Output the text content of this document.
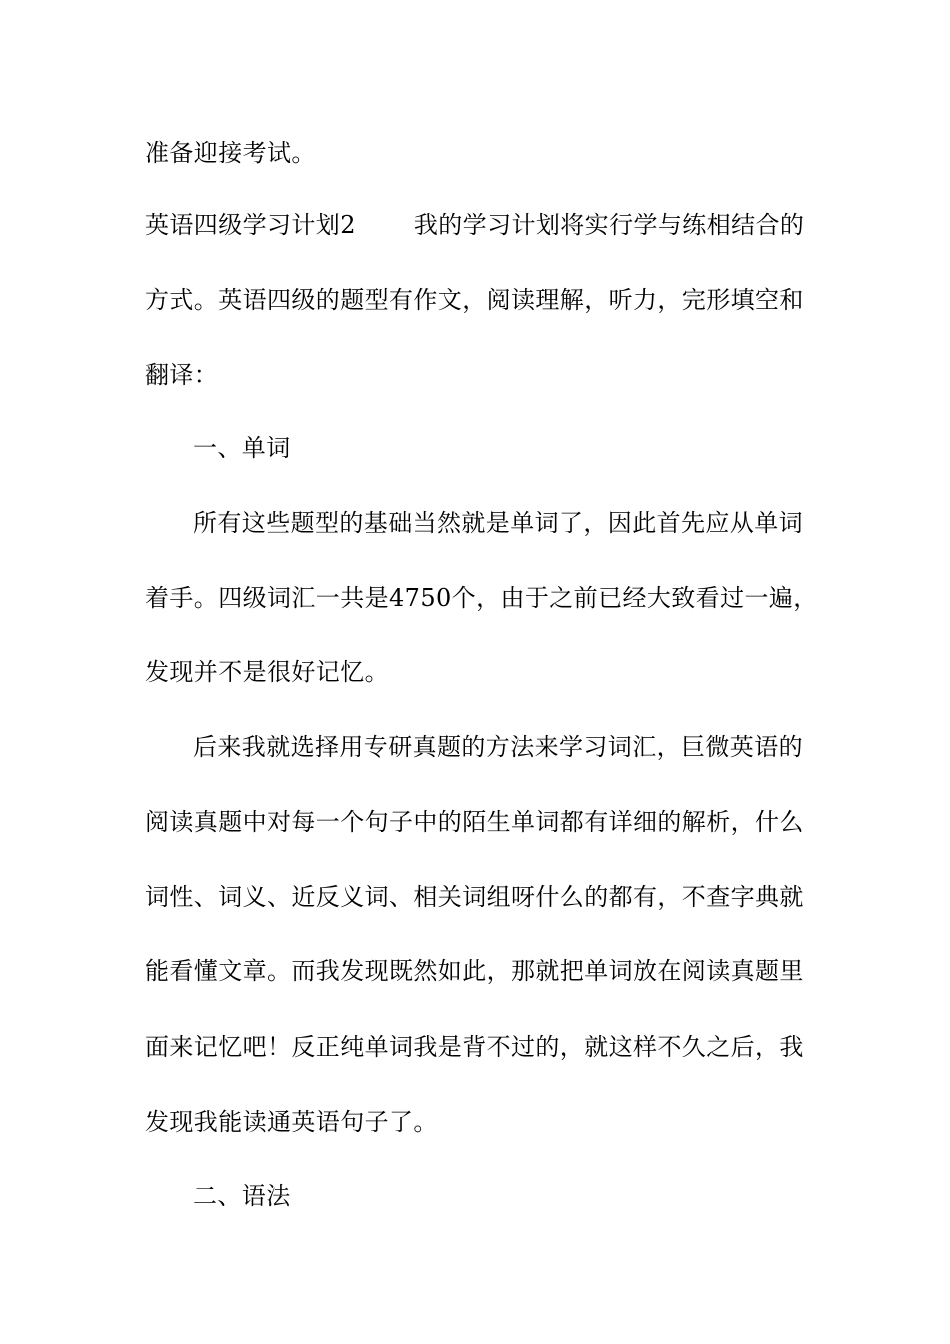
准备迎接考试。
英语四级学习计划2 我的学习计划将实行学与练相结合的
方式。英语四级的题型有作文，阅读理解，听力，完形填空和
翻译：
一、单词
所有这些题型的基础当然就是单词了，因此首先应从单词
着手。四级词汇一共是4750个，由于之前已经大致看过一遍，
发现并不是很好记忆。
后来我就选择用专研真题的方法来学习词汇，巨微英语的
阅读真题中对每一个句子中的陌生单词都有详细的解析，什么
词性、词义、近反义词、相关词组呀什么的都有，不查字典就
能看懂文章。而我发现既然如此，那就把单词放在阅读真题里
面来记忆吧！反正纯单词我是背不过的，就这样不久之后，我
发现我能读通英语句子了。
二、语法
